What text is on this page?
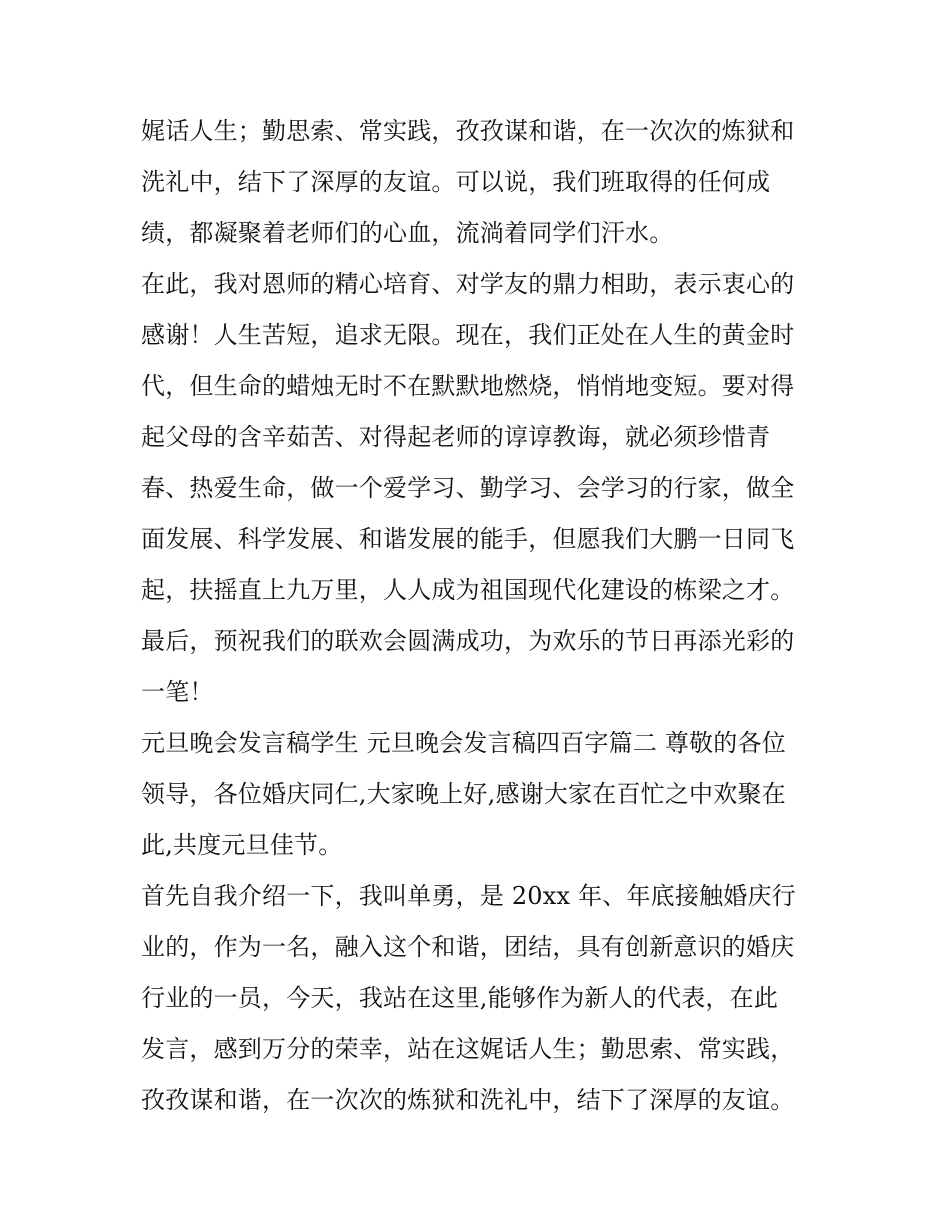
娓话人生；勤思索、常实践，孜孜谋和谐，在一次次的炼狱和
洗礼中，结下了深厚的友谊。可以说，我们班取得的任何成
绩，都凝聚着老师们的心血，流淌着同学们汗水。
在此，我对恩师的精心培育、对学友的鼎力相助，表示衷心的
感谢！人生苦短，追求无限。现在，我们正处在人生的黄金时
代，但生命的蜡烛无时不在默默地燃烧，悄悄地变短。要对得
起父母的含辛茹苦、对得起老师的谆谆教诲，就必须珍惜青
春、热爱生命，做一个爱学习、勤学习、会学习的行家，做全
面发展、科学发展、和谐发展的能手，但愿我们大鹏一日同飞
起，扶摇直上九万里，人人成为祖国现代化建设的栋梁之才。
最后，预祝我们的联欢会圆满成功，为欢乐的节日再添光彩的
一笔！
元旦晚会发言稿学生 元旦晚会发言稿四百字篇二 尊敬的各位
领导，各位婚庆同仁,大家晚上好,感谢大家在百忙之中欢聚在
此,共度元旦佳节。
首先自我介绍一下，我叫单勇，是 20xx 年、年底接触婚庆行
业的，作为一名，融入这个和谐，团结，具有创新意识的婚庆
行业的一员，今天，我站在这里,能够作为新人的代表，在此
发言，感到万分的荣幸，站在这娓话人生；勤思索、常实践，
孜孜谋和谐，在一次次的炼狱和洗礼中，结下了深厚的友谊。
